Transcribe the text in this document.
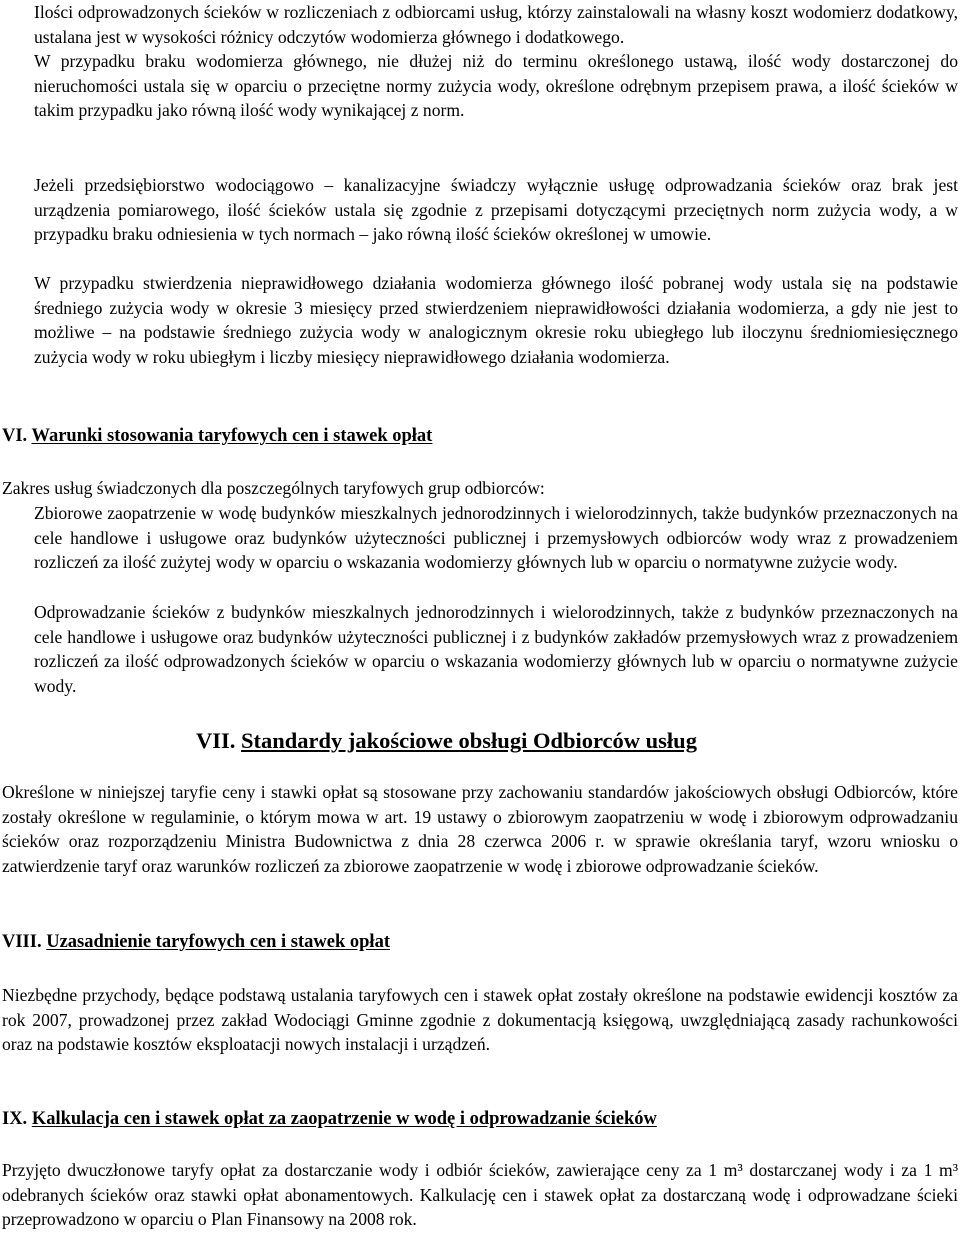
Ilości odprowadzonych ścieków w rozliczeniach z odbiorcami usług, którzy zainstalowali na własny koszt wodomierz dodatkowy, ustalana jest w wysokości różnicy odczytów wodomierza głównego i dodatkowego.

W przypadku braku wodomierza głównego, nie dłużej niż do terminu określonego ustawą, ilość wody dostarczonej do nieruchomości ustala się w oparciu o przeciętne normy zużycia wody, określone odrębnym przepisem prawa, a ilość ścieków w takim przypadku jako równą ilość wody wynikającej z norm.

Jeżeli przedsiębiorstwo wodociągowo – kanalizacyjne świadczy wyłącznie usługę odprowadzania ścieków oraz brak jest urządzenia pomiarowego, ilość ścieków ustala się zgodnie z przepisami dotyczącymi przeciętnych norm zużycia wody, a w przypadku braku odniesienia w tych normach – jako równą ilość ścieków określonej w umowie.

W przypadku stwierdzenia nieprawidłowego działania wodomierza głównego ilość pobranej wody ustala się na podstawie średniego zużycia wody w okresie 3 miesięcy przed stwierdzeniem nieprawidłowości działania wodomierza, a gdy nie jest to możliwe – na podstawie średniego zużycia wody w analogicznym okresie roku ubiegłego lub iloczynu średniomiesięcznego zużycia wody w roku ubiegłym i liczby miesięcy nieprawidłowego działania wodomierza.

VI. Warunki stosowania taryfowych cen i stawek opłat

Zakres usług świadczonych dla poszczególnych taryfowych grup odbiorców:

Zbiorowe zaopatrzenie w wodę budynków mieszkalnych jednorodzinnych i wielorodzinnych, także budynków przeznaczonych na cele handlowe i usługowe oraz budynków użyteczności publicznej i przemysłowych odbiorców wody wraz z prowadzeniem rozliczeń za ilość zużytej wody w oparciu o wskazania wodomierzy głównych lub w oparciu o normatywne zużycie wody.

Odprowadzanie ścieków z budynków mieszkalnych jednorodzinnych i wielorodzinnych, także z budynków przeznaczonych na cele handlowe i usługowe oraz budynków użyteczności publicznej i z budynków zakładów przemysłowych wraz z prowadzeniem rozliczeń za ilość odprowadzonych ścieków w oparciu o wskazania wodomierzy głównych lub w oparciu o normatywne zużycie wody.

VII. Standardy jakościowe obsługi Odbiorców usług

Określone w niniejszej taryfie ceny i stawki opłat są stosowane przy zachowaniu standardów jakościowych obsługi Odbiorców, które zostały określone w regulaminie, o którym mowa w art. 19 ustawy o zbiorowym zaopatrzeniu w wodę i zbiorowym odprowadzaniu ścieków oraz rozporządzeniu Ministra Budownictwa z dnia 28 czerwca 2006 r. w sprawie określania taryf, wzoru wniosku o zatwierdzenie taryf oraz warunków rozliczeń za zbiorowe zaopatrzenie w wodę i zbiorowe odprowadzanie ścieków.

VIII. Uzasadnienie taryfowych cen i stawek opłat

Niezbędne przychody, będące podstawą ustalania taryfowych cen i stawek opłat zostały określone na podstawie ewidencji kosztów za rok 2007, prowadzonej przez zakład Wodociągi Gminne zgodnie z dokumentacją księgową, uwzględniającą zasady rachunkowości oraz na podstawie kosztów eksploatacji nowych instalacji i urządzeń.

IX. Kalkulacja cen i stawek opłat za zaopatrzenie w wodę i odprowadzanie ścieków

Przyjęto dwuczłonowe taryfy opłat za dostarczanie wody i odbiór ścieków, zawierające ceny za 1 m³ dostarczanej wody i za 1 m³ odebranych ścieków oraz stawki opłat abonamentowych. Kalkulację cen i stawek opłat za dostarczaną wodę i odprowadzane ścieki przeprowadzono w oparciu o Plan Finansowy na 2008 rok.
